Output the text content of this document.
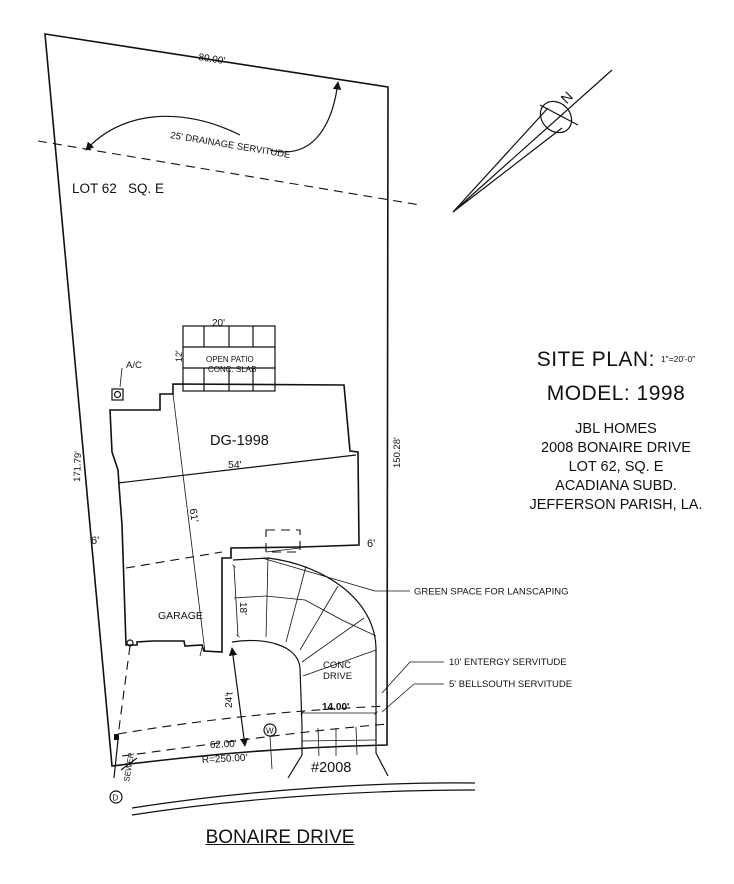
80.00'
25' DRAINAGE SERVITUDE
N
LOT 62   SQ. E
171.79'	150.28'
20'
12'	OPEN PATIO
CONC. SLAB
A/C
DG-1998
54'
61'
GARAGE
6'	6'
18'
CONC
DRIVE
14.00'
#2008
24't
62.00'
R=250.00'
W
SEWER
D
GREEN SPACE FOR LANSCAPING
10' ENTERGY SERVITUDE
5' BELLSOUTH SERVITUDE
SITE PLAN: 1"=20'-0"
MODEL: 1998
JBL HOMES
2008 BONAIRE DRIVE
LOT 62, SQ. E
ACADIANA SUBD.
JEFFERSON PARISH, LA.
BONAIRE DRIVE
